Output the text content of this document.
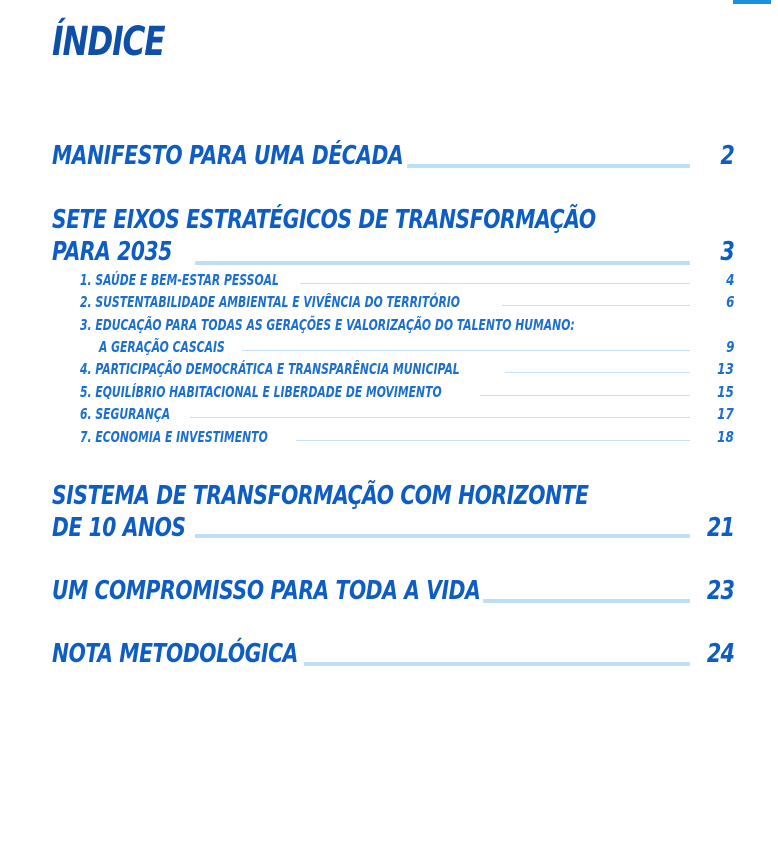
ÍNDICE
MANIFESTO PARA UMA DÉCADA	2
SETE EIXOS ESTRATÉGICOS DE TRANSFORMAÇÃO
PARA 2035	3
1. SAÚDE E BEM-ESTAR PESSOAL	4
2. SUSTENTABILIDADE AMBIENTAL E VIVÊNCIA DO TERRITÓRIO	6
3. EDUCAÇÃO PARA TODAS AS GERAÇÕES E VALORIZAÇÃO DO TALENTO HUMANO:
A GERAÇÃO CASCAIS	9
4. PARTICIPAÇÃO DEMOCRÁTICA E TRANSPARÊNCIA MUNICIPAL	13
5. EQUILÍBRIO HABITACIONAL E LIBERDADE DE MOVIMENTO	15
6. SEGURANÇA	17
7. ECONOMIA E INVESTIMENTO	18
SISTEMA DE TRANSFORMAÇÃO COM HORIZONTE
DE 10 ANOS	21
UM COMPROMISSO PARA TODA A VIDA	23
NOTA METODOLÓGICA	24
